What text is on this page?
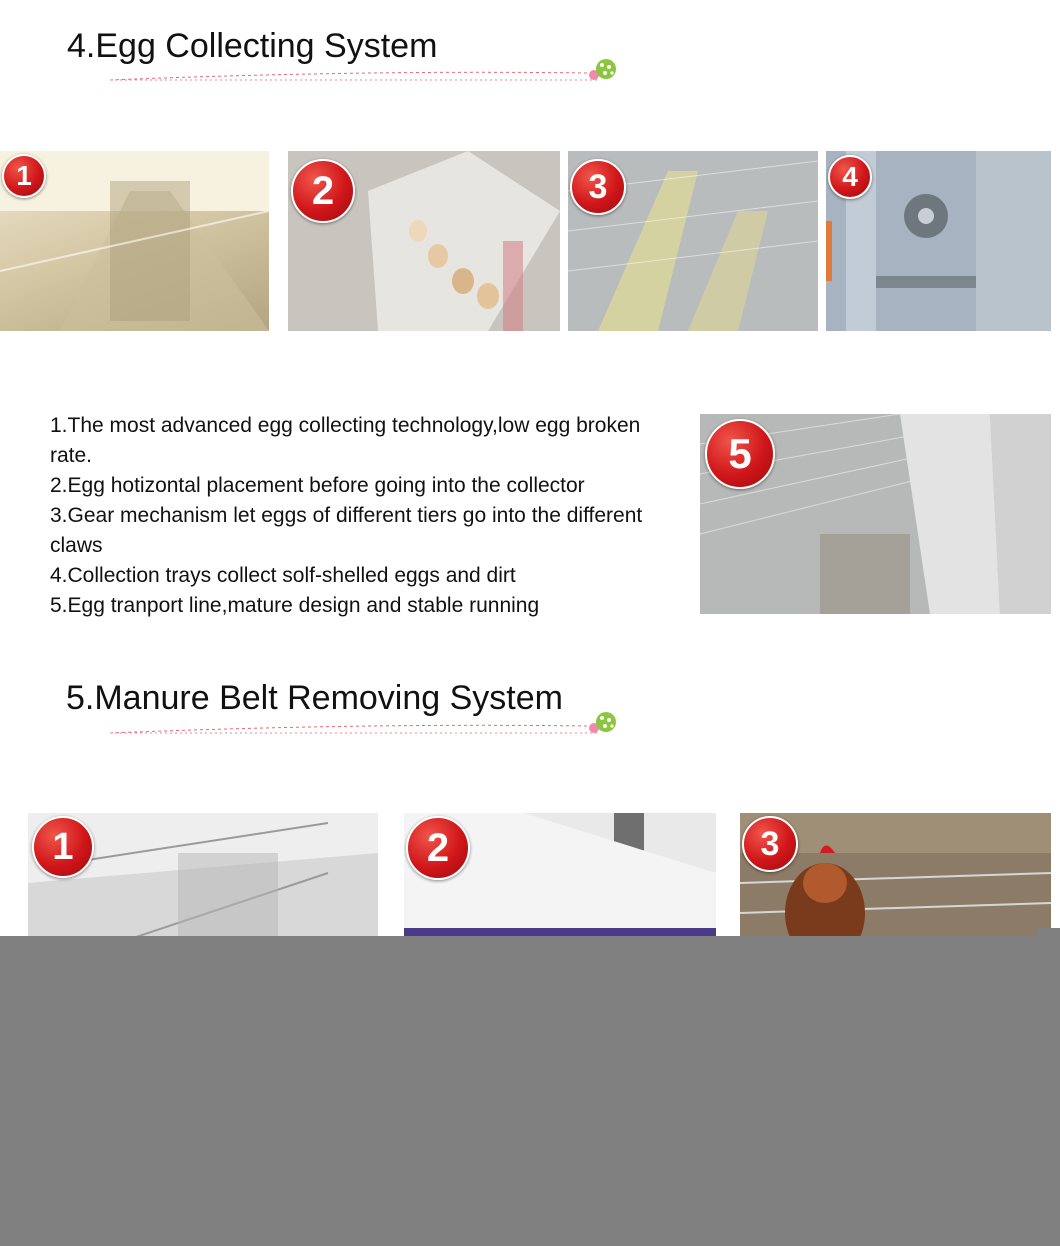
4.Egg Collecting System
1	2	3	4
1.The most advanced egg collecting technology,low egg broken rate.
2.Egg hotizontal placement before going into the collector
3.Gear mechanism let eggs of different tiers go into the different claws
4.Collection trays collect solf-shelled eggs and dirt
5.Egg tranport line,mature design and stable running
5
5.Manure Belt Removing System
1	2	3
